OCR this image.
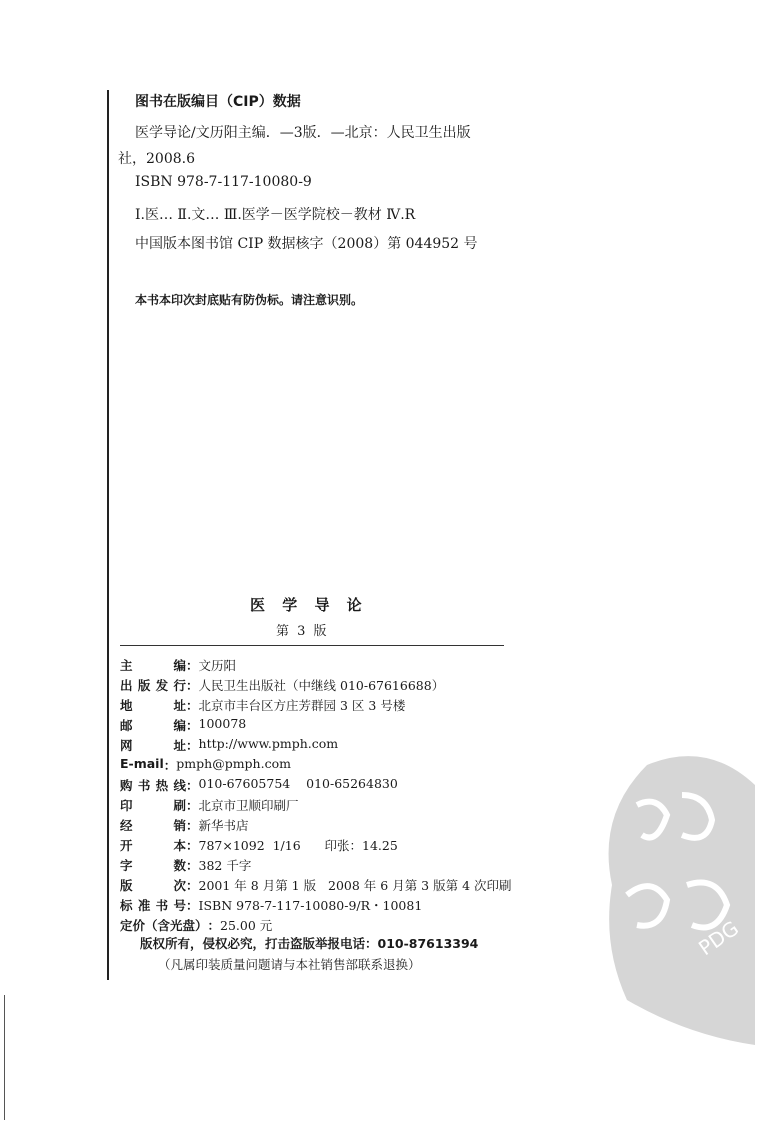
图书在版编目（CIP）数据
医学导论/文历阳主编．—3版．—北京：人民卫生出版
社，2008.6
ISBN 978-7-117-10080-9
Ⅰ.医… Ⅱ.文… Ⅲ.医学－医学院校－教材 Ⅳ.R
中国版本图书馆 CIP 数据核字（2008）第 044952 号
本书本印次封底贴有防伪标。请注意识别。
医 学 导 论
第 3 版
主编 ： 文历阳
出版发行 ： 人民卫生出版社（中继线 010-67616688）
地址 ： 北京市丰台区方庄芳群园 3 区 3 号楼
邮编 ： 100078
网址 ： http://www.pmph.com
E-mail ： pmph@pmph.com
购书热线 ： 010-67605754    010-65264830
印刷 ： 北京市卫顺印刷厂
经销 ： 新华书店
开本 ： 787×1092  1/16      印张：14.25
字数 ： 382 千字
版次 ： 2001 年 8 月第 1 版   2008 年 6 月第 3 版第 4 次印刷
标准书号 ： ISBN 978-7-117-10080-9/R・10081
定价（含光盘） ： 25.00 元
版权所有，侵权必究，打击盗版举报电话：010-87613394
（凡属印装质量问题请与本社销售部联系退换）
PDG
